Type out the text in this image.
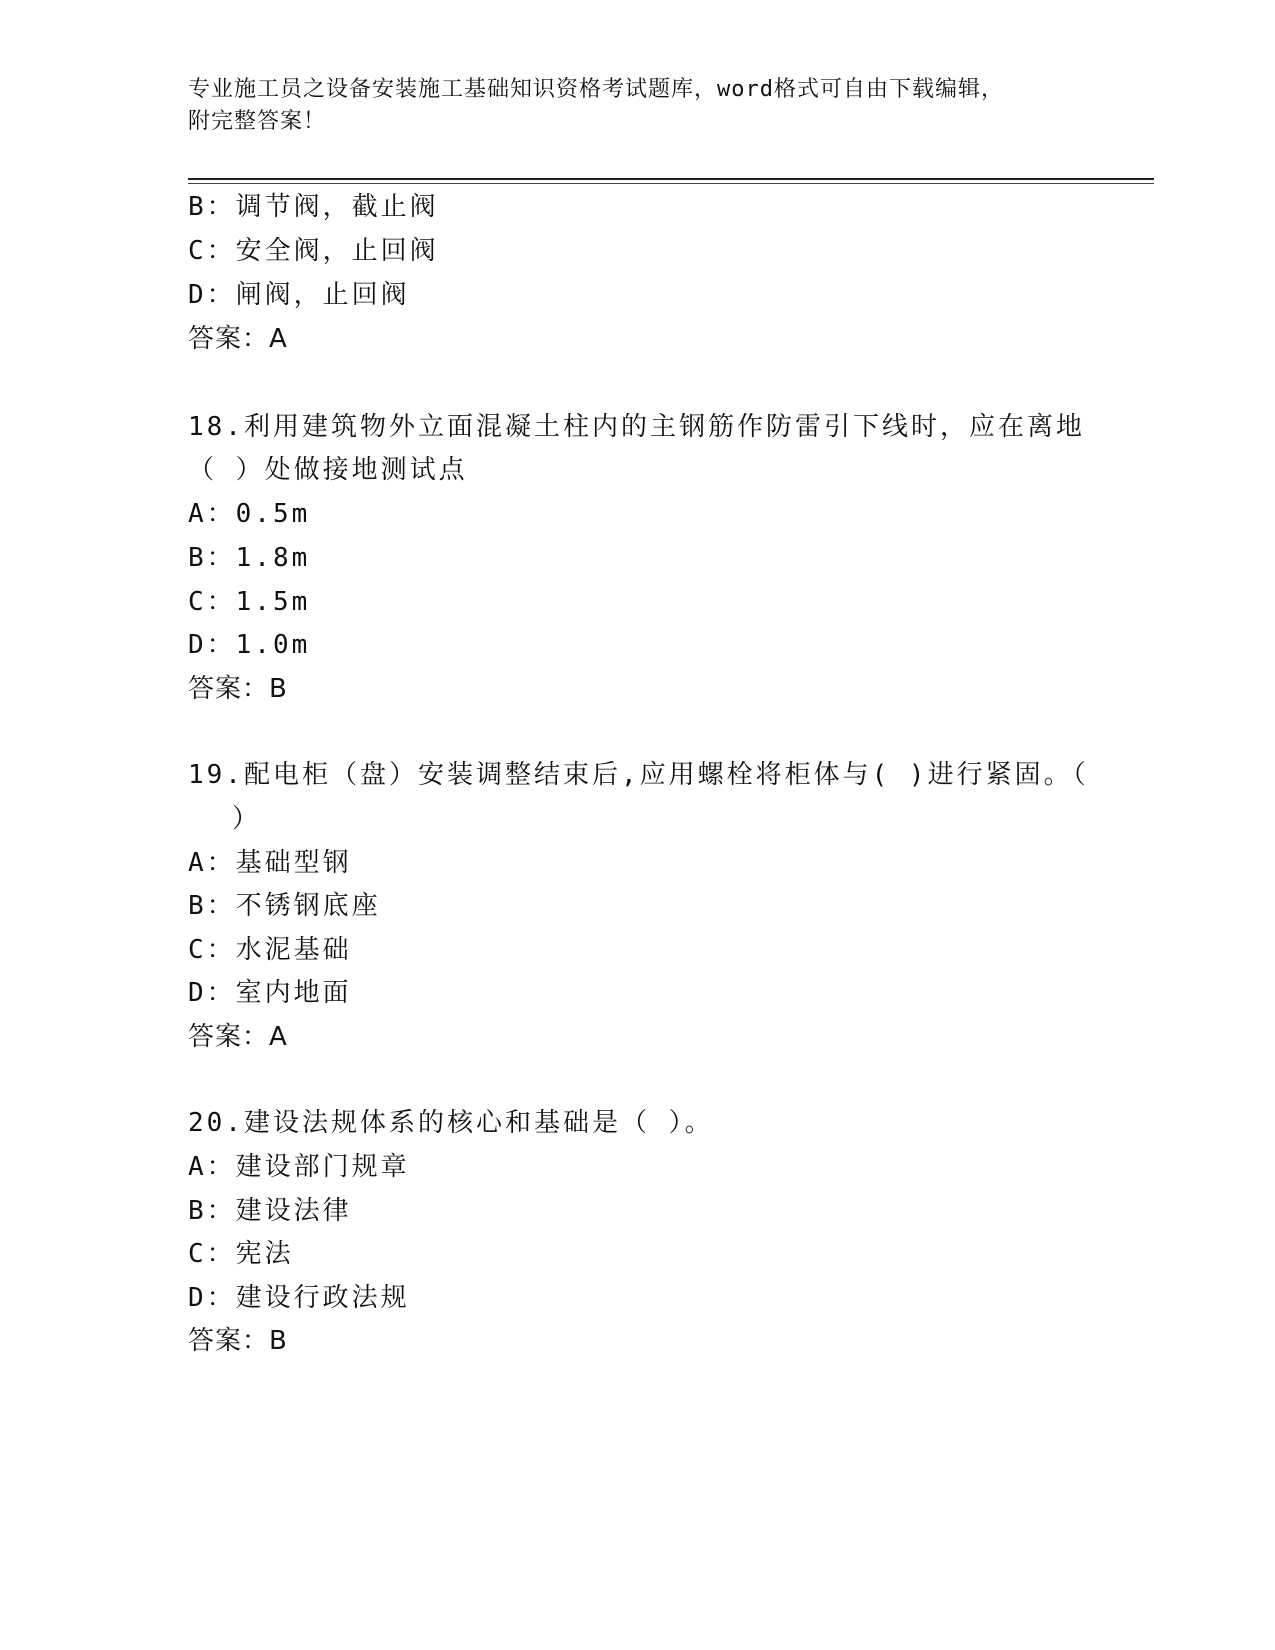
专业施工员之设备安装施工基础知识资格考试题库，word格式可自由下载编辑，
附完整答案！
B：调节阀，截止阀
C：安全阀，止回阀
D：闸阀，止回阀
答案：A
18.利用建筑物外立面混凝土柱内的主钢筋作防雷引下线时，应在离地
（ ）处做接地测试点
A：0.5m
B：1.8m
C：1.5m
D：1.0m
答案：B
19.配电柜（盘）安装调整结束后,应用螺栓将柜体与( )进行紧固。（
）
A：基础型钢
B：不锈钢底座
C：水泥基础
D：室内地面
答案：A
20.建设法规体系的核心和基础是（ ）。
A：建设部门规章
B：建设法律
C：宪法
D：建设行政法规
答案：B
